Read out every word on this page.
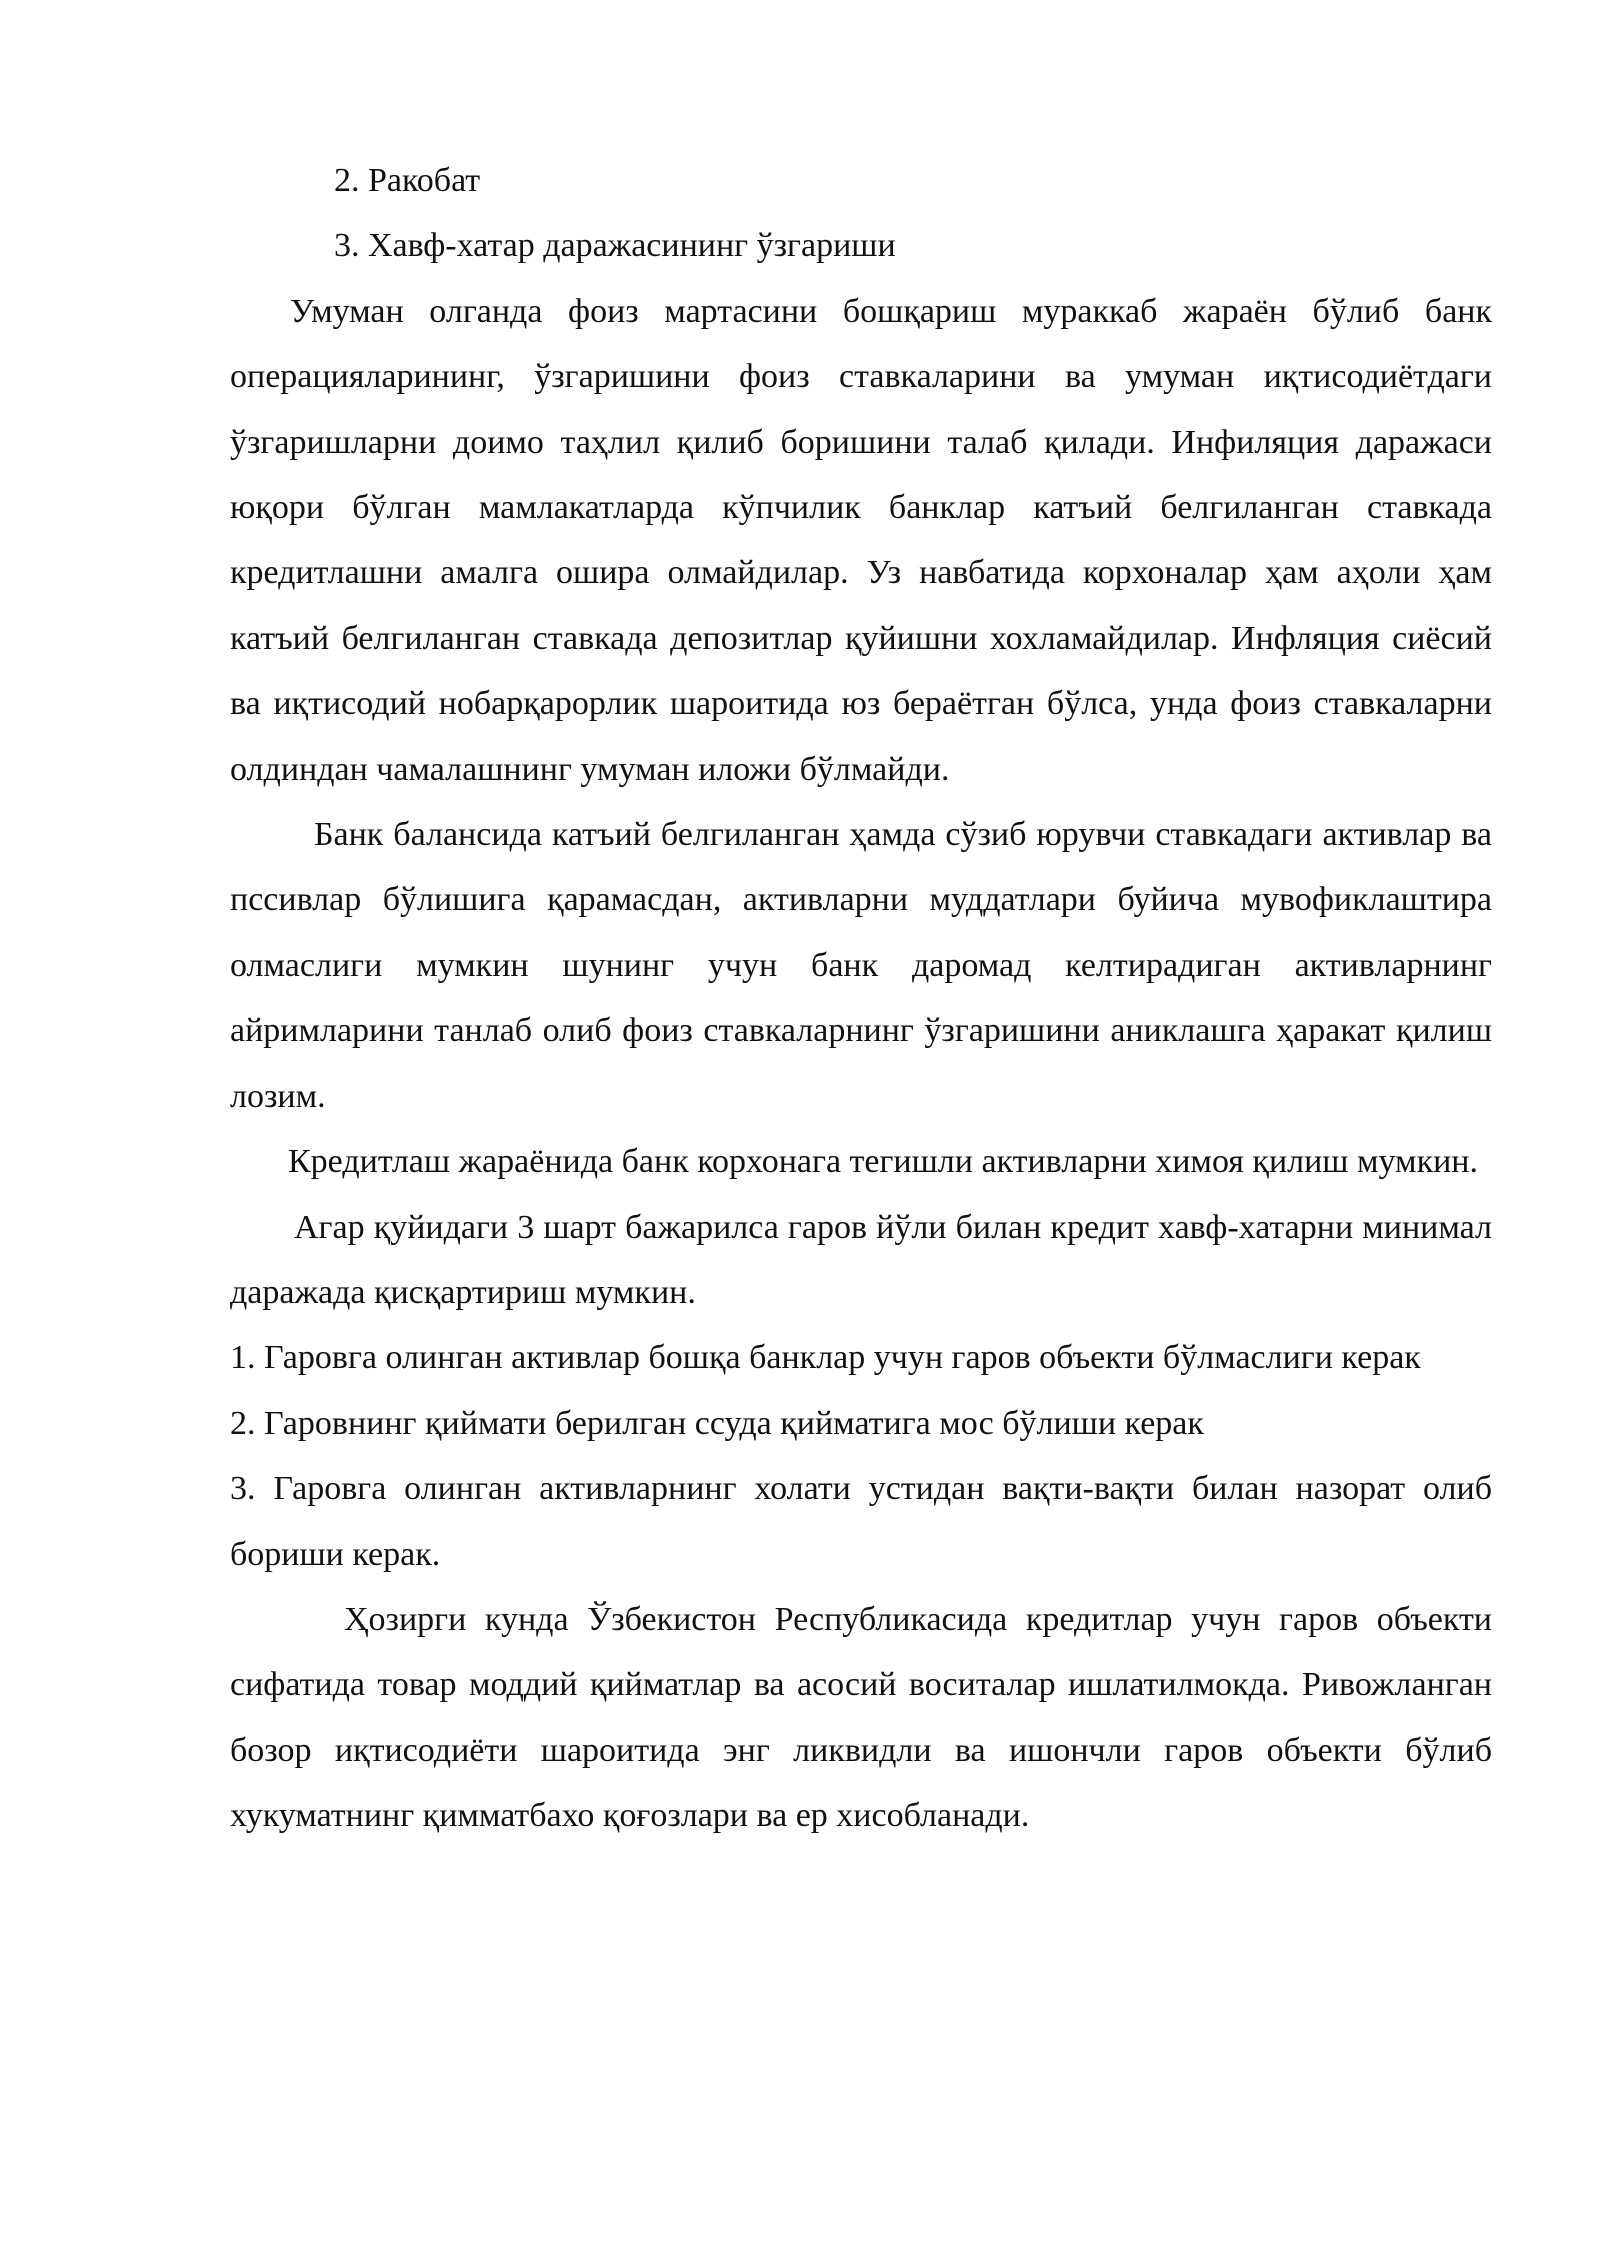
2. Ракобат

3. Хавф-хатар даражасининг ўзгариши

Умуман олганда фоиз мартасини бошқариш мураккаб жараён бўлиб банк операцияларининг, ўзгаришини фоиз ставкаларини ва умуман иқтисодиётдаги ўзгаришларни доимо таҳлил қилиб боришини талаб қилади. Инфиляция даражаси юқори бўлган мамлакатларда кўпчилик банклар катъий белгиланган ставкада кредитлашни амалга ошира олмайдилар. Уз навбатида корхоналар ҳам аҳоли ҳам катъий белгиланган ставкада депозитлар қуйишни хохламайдилар. Инфляция сиёсий ва иқтисодий нобарқарорлик шароитида юз бераётган бўлса, унда фоиз ставкаларни олдиндан чамалашнинг умуман иложи бўлмайди.

Банк балансида катъий белгиланган ҳамда сўзиб юрувчи ставкадаги активлар ва пссивлар бўлишига қарамасдан, активларни муддатлари буйича мувофиклаштира олмаслиги мумкин шунинг учун банк даромад келтирадиган активларнинг айримларини танлаб олиб фоиз ставкаларнинг ўзгаришини аниклашга ҳаракат қилиш лозим.

Кредитлаш жараёнида банк корхонага тегишли активларни химоя қилиш мумкин.

Агар қуйидаги 3 шарт бажарилса гаров йўли билан кредит хавф-хатарни минимал даражада қисқартириш мумкин.

1. Гаровга олинган активлар бошқа банклар учун гаров объекти бўлмаслиги керак

2. Гаровнинг қиймати берилган ссуда қийматига мос бўлиши керак

3. Гаровга олинган активларнинг холати устидан вақти-вақти билан назорат олиб бориши керак.

Ҳозирги кунда Ўзбекистон Республикасида кредитлар учун гаров объекти сифатида товар моддий қийматлар ва асосий воситалар ишлатилмокда. Ривожланган бозор иқтисодиёти шароитида энг ликвидли ва ишончли гаров объекти бўлиб хукуматнинг қимматбахо қоғозлари ва ер хисобланади.
